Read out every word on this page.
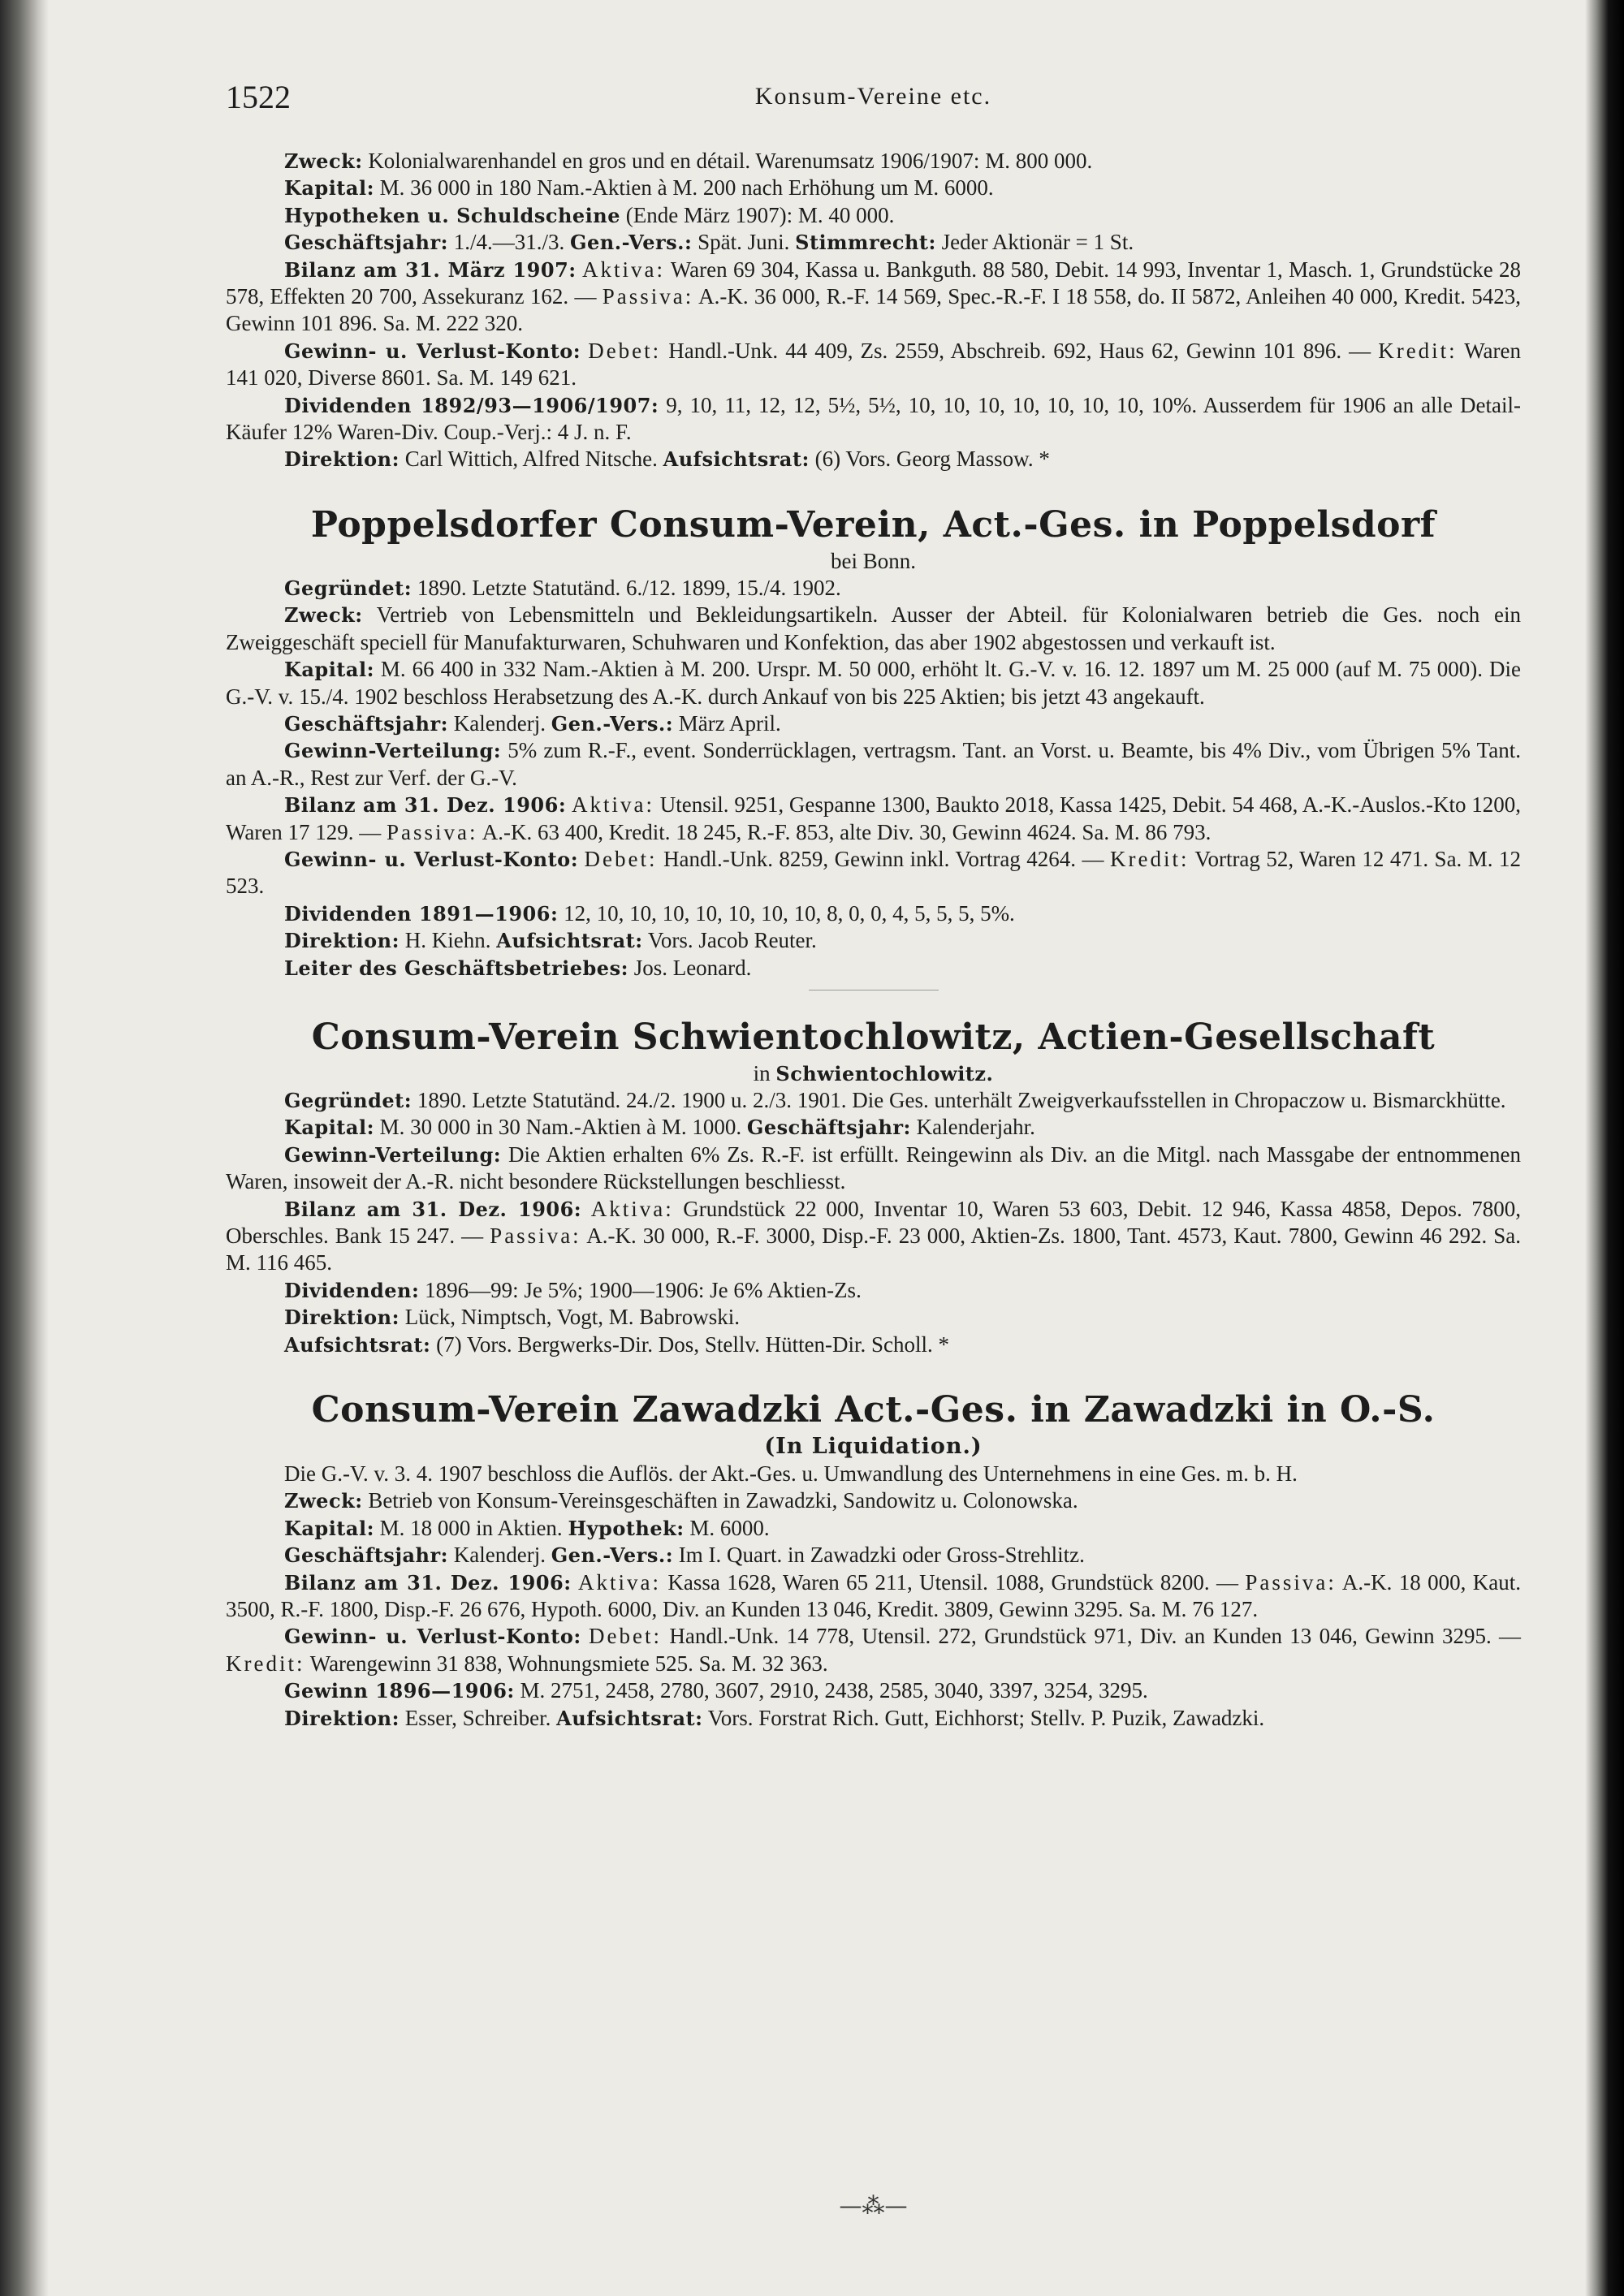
1522	Konsum-Vereine etc.

Zweck: Kolonialwarenhandel en gros und en détail. Warenumsatz 1906/1907: M. 800 000.

Kapital: M. 36 000 in 180 Nam.-Aktien à M. 200 nach Erhöhung um M. 6000.

Hypotheken u. Schuldscheine (Ende März 1907): M. 40 000.

Geschäftsjahr: 1./4.—31./3. Gen.-Vers.: Spät. Juni. Stimmrecht: Jeder Aktionär = 1 St.

Bilanz am 31. März 1907: Aktiva: Waren 69 304, Kassa u. Bankguth. 88 580, Debit. 14 993, Inventar 1, Masch. 1, Grundstücke 28 578, Effekten 20 700, Assekuranz 162. — Passiva: A.-K. 36 000, R.-F. 14 569, Spec.-R.-F. I 18 558, do. II 5872, Anleihen 40 000, Kredit. 5423, Gewinn 101 896. Sa. M. 222 320.

Gewinn- u. Verlust-Konto: Debet: Handl.-Unk. 44 409, Zs. 2559, Abschreib. 692, Haus 62, Gewinn 101 896. — Kredit: Waren 141 020, Diverse 8601. Sa. M. 149 621.

Dividenden 1892/93—1906/1907: 9, 10, 11, 12, 12, 5½, 5½, 10, 10, 10, 10, 10, 10, 10, 10%. Ausserdem für 1906 an alle Detail-Käufer 12% Waren-Div. Coup.-Verj.: 4 J. n. F.

Direktion: Carl Wittich, Alfred Nitsche. Aufsichtsrat: (6) Vors. Georg Massow. *

Poppelsdorfer Consum-Verein, Act.-Ges. in Poppelsdorf

bei Bonn.

Gegründet: 1890. Letzte Statutänd. 6./12. 1899, 15./4. 1902.

Zweck: Vertrieb von Lebensmitteln und Bekleidungsartikeln. Ausser der Abteil. für Kolonialwaren betrieb die Ges. noch ein Zweiggeschäft speciell für Manufakturwaren, Schuhwaren und Konfektion, das aber 1902 abgestossen und verkauft ist.

Kapital: M. 66 400 in 332 Nam.-Aktien à M. 200. Urspr. M. 50 000, erhöht lt. G.-V. v. 16. 12. 1897 um M. 25 000 (auf M. 75 000). Die G.-V. v. 15./4. 1902 beschloss Herabsetzung des A.-K. durch Ankauf von bis 225 Aktien; bis jetzt 43 angekauft.

Geschäftsjahr: Kalenderj. Gen.-Vers.: März April.

Gewinn-Verteilung: 5% zum R.-F., event. Sonderrücklagen, vertragsm. Tant. an Vorst. u. Beamte, bis 4% Div., vom Übrigen 5% Tant. an A.-R., Rest zur Verf. der G.-V.

Bilanz am 31. Dez. 1906: Aktiva: Utensil. 9251, Gespanne 1300, Baukto 2018, Kassa 1425, Debit. 54 468, A.-K.-Auslos.-Kto 1200, Waren 17 129. — Passiva: A.-K. 63 400, Kredit. 18 245, R.-F. 853, alte Div. 30, Gewinn 4624. Sa. M. 86 793.

Gewinn- u. Verlust-Konto: Debet: Handl.-Unk. 8259, Gewinn inkl. Vortrag 4264. — Kredit: Vortrag 52, Waren 12 471. Sa. M. 12 523.

Dividenden 1891—1906: 12, 10, 10, 10, 10, 10, 10, 10, 8, 0, 0, 4, 5, 5, 5, 5%.

Direktion: H. Kiehn. Aufsichtsrat: Vors. Jacob Reuter.

Leiter des Geschäftsbetriebes: Jos. Leonard.

Consum-Verein Schwientochlowitz, Actien-Gesellschaft

in Schwientochlowitz.

Gegründet: 1890. Letzte Statutänd. 24./2. 1900 u. 2./3. 1901. Die Ges. unterhält Zweigverkaufsstellen in Chropaczow u. Bismarckhütte.

Kapital: M. 30 000 in 30 Nam.-Aktien à M. 1000. Geschäftsjahr: Kalenderjahr.

Gewinn-Verteilung: Die Aktien erhalten 6% Zs. R.-F. ist erfüllt. Reingewinn als Div. an die Mitgl. nach Massgabe der entnommenen Waren, insoweit der A.-R. nicht besondere Rückstellungen beschliesst.

Bilanz am 31. Dez. 1906: Aktiva: Grundstück 22 000, Inventar 10, Waren 53 603, Debit. 12 946, Kassa 4858, Depos. 7800, Oberschles. Bank 15 247. — Passiva: A.-K. 30 000, R.-F. 3000, Disp.-F. 23 000, Aktien-Zs. 1800, Tant. 4573, Kaut. 7800, Gewinn 46 292. Sa. M. 116 465.

Dividenden: 1896—99: Je 5%; 1900—1906: Je 6% Aktien-Zs.

Direktion: Lück, Nimptsch, Vogt, M. Babrowski.

Aufsichtsrat: (7) Vors. Bergwerks-Dir. Dos, Stellv. Hütten-Dir. Scholl. *

Consum-Verein Zawadzki Act.-Ges. in Zawadzki in O.-S.

(In Liquidation.)

Die G.-V. v. 3. 4. 1907 beschloss die Auflös. der Akt.-Ges. u. Umwandlung des Unternehmens in eine Ges. m. b. H.

Zweck: Betrieb von Konsum-Vereinsgeschäften in Zawadzki, Sandowitz u. Colonowska.

Kapital: M. 18 000 in Aktien. Hypothek: M. 6000.

Geschäftsjahr: Kalenderj. Gen.-Vers.: Im I. Quart. in Zawadzki oder Gross-Strehlitz.

Bilanz am 31. Dez. 1906: Aktiva: Kassa 1628, Waren 65 211, Utensil. 1088, Grundstück 8200. — Passiva: A.-K. 18 000, Kaut. 3500, R.-F. 1800, Disp.-F. 26 676, Hypoth. 6000, Div. an Kunden 13 046, Kredit. 3809, Gewinn 3295. Sa. M. 76 127.

Gewinn- u. Verlust-Konto: Debet: Handl.-Unk. 14 778, Utensil. 272, Grundstück 971, Div. an Kunden 13 046, Gewinn 3295. — Kredit: Warengewinn 31 838, Wohnungsmiete 525. Sa. M. 32 363.

Gewinn 1896—1906: M. 2751, 2458, 2780, 3607, 2910, 2438, 2585, 3040, 3397, 3254, 3295.

Direktion: Esser, Schreiber. Aufsichtsrat: Vors. Forstrat Rich. Gutt, Eichhorst; Stellv. P. Puzik, Zawadzki.

—⁂—
